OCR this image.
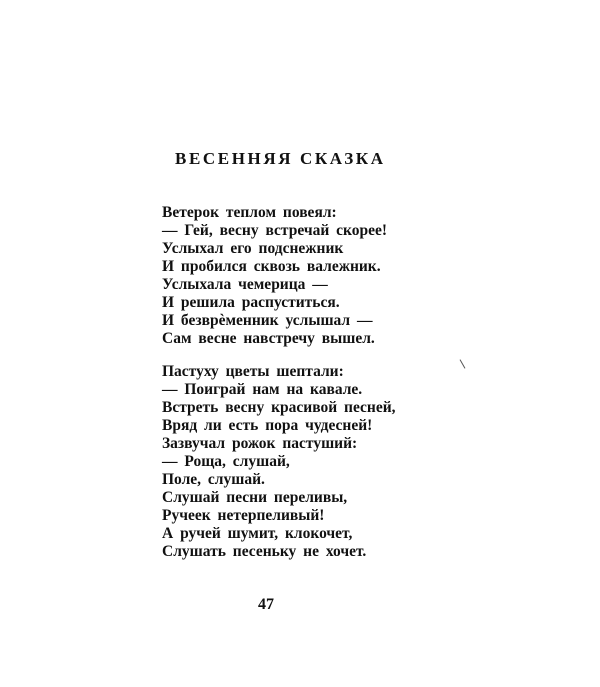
ВЕСЕННЯЯ СКАЗКА
Ветерок теплом повеял:
— Гей, весну встречай скорее!
Услыхал его подснежник
И пробился сквозь валежник.
Услыхала чемерица —
И решила распуститься.
И безврѐменник услышал —
Сам весне навстречу вышел.
Пастуху цветы шептали:
— Поиграй нам на кавале.
Встреть весну красивой песней,
Вряд ли есть пора чудесней!
Зазвучал рожок пастуший:
— Роща, слушай,
Поле, слушай.
Слушай песни переливы,
Ручеек нетерпеливый!
А ручей шумит, клокочет,
Слушать песеньку не хочет.
47
